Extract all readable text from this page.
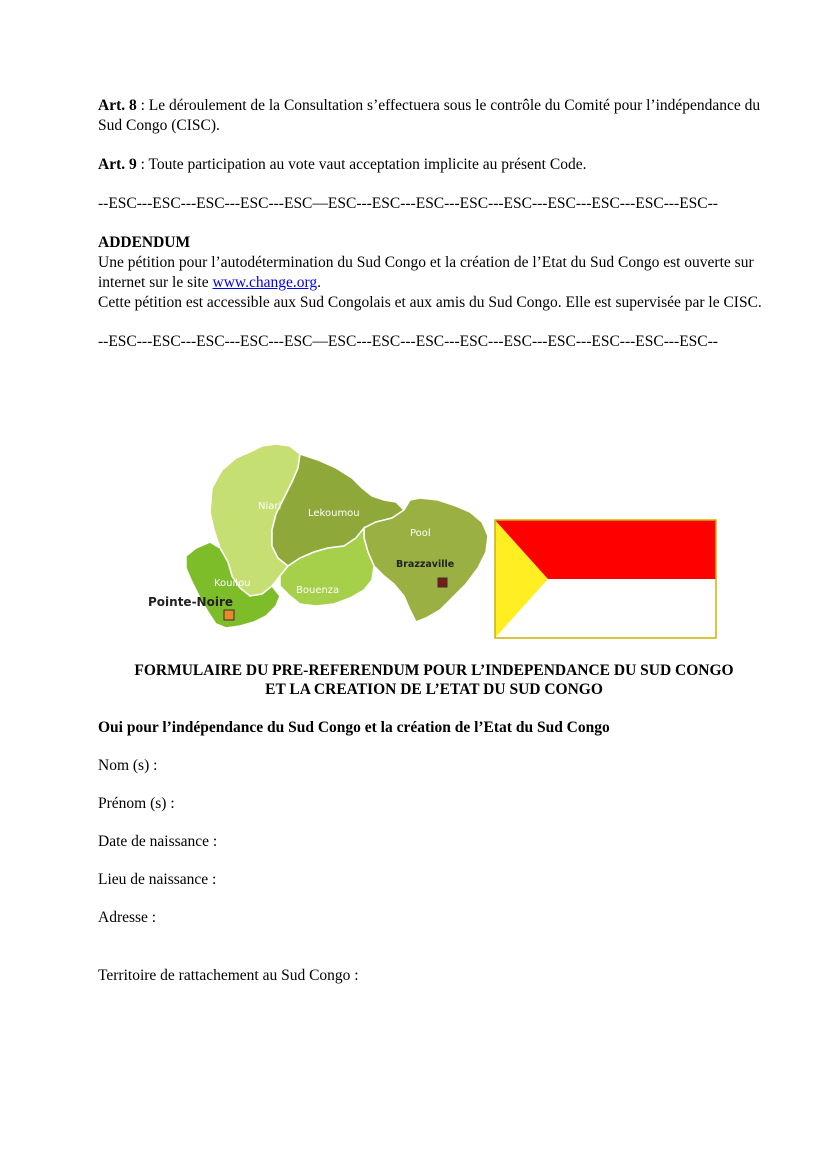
Art. 8 : Le déroulement de la Consultation s’effectuera sous le contrôle du Comité pour l’indépendance du Sud Congo (CISC).

Art. 9 : Toute participation au vote vaut acceptation implicite au présent Code.

--ESC---ESC---ESC---ESC---ESC—ESC---ESC---ESC---ESC---ESC---ESC---ESC---ESC---ESC--

ADDENDUM

Une pétition pour l’autodétermination du Sud Congo et la création de l’Etat du Sud Congo est ouverte sur internet sur le site www.change.org.

Cette pétition est accessible aux Sud Congolais et aux amis du Sud Congo. Elle est supervisée par le CISC.

--ESC---ESC---ESC---ESC---ESC—ESC---ESC---ESC---ESC---ESC---ESC---ESC---ESC---ESC--

Niari
Lekoumou
Pool
Kouilou
Bouenza
Brazzaville
Pointe-Noire
FORMULAIRE DU PRE-REFERENDUM POUR L’INDEPENDANCE DU SUD CONGO
ET LA CREATION DE L’ETAT DU SUD CONGO

Oui pour l’indépendance du Sud Congo et la création de l’Etat du Sud Congo

Nom (s) :

Prénom (s) :

Date de naissance :

Lieu de naissance :

Adresse :

Territoire de rattachement au Sud Congo :
